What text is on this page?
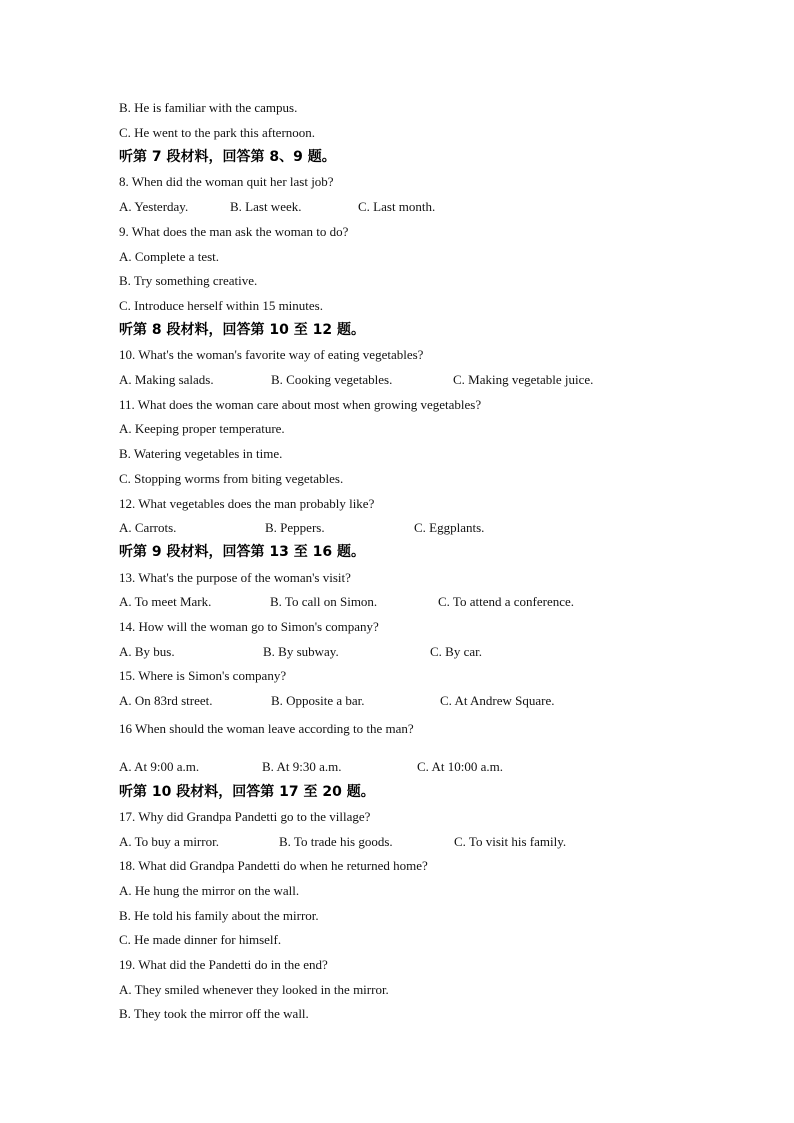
B. He is familiar with the campus.
C. He went to the park this afternoon.
听第 7 段材料，回答第 8、9 题。
8. When did the woman quit her last job?
A. Yesterday.	B. Last week.	C. Last month.
9. What does the man ask the woman to do?
A. Complete a test.
B. Try something creative.
C. Introduce herself within 15 minutes.
听第 8 段材料，回答第 10 至 12 题。
10. What's the woman's favorite way of eating vegetables?
A. Making salads.	B. Cooking vegetables.	C. Making vegetable juice.
11. What does the woman care about most when growing vegetables?
A. Keeping proper temperature.
B. Watering vegetables in time.
C. Stopping worms from biting vegetables.
12. What vegetables does the man probably like?
A. Carrots.	B. Peppers.	C. Eggplants.
听第 9 段材料，回答第 13 至 16 题。
13. What's the purpose of the woman's visit?
A. To meet Mark.	B. To call on Simon.	C. To attend a conference.
14. How will the woman go to Simon's company?
A. By bus.	B. By subway.	C. By car.
15. Where is Simon's company?
A. On 83rd street.	B. Opposite a bar.	C. At Andrew Square.
16 When should the woman leave according to the man?
A. At 9:00 a.m.	B. At 9:30 a.m.	C. At 10:00 a.m.
听第 10 段材料，回答第 17 至 20 题。
17. Why did Grandpa Pandetti go to the village?
A. To buy a mirror.	B. To trade his goods.	C. To visit his family.
18. What did Grandpa Pandetti do when he returned home?
A. He hung the mirror on the wall.
B. He told his family about the mirror.
C. He made dinner for himself.
19. What did the Pandetti do in the end?
A. They smiled whenever they looked in the mirror.
B. They took the mirror off the wall.
